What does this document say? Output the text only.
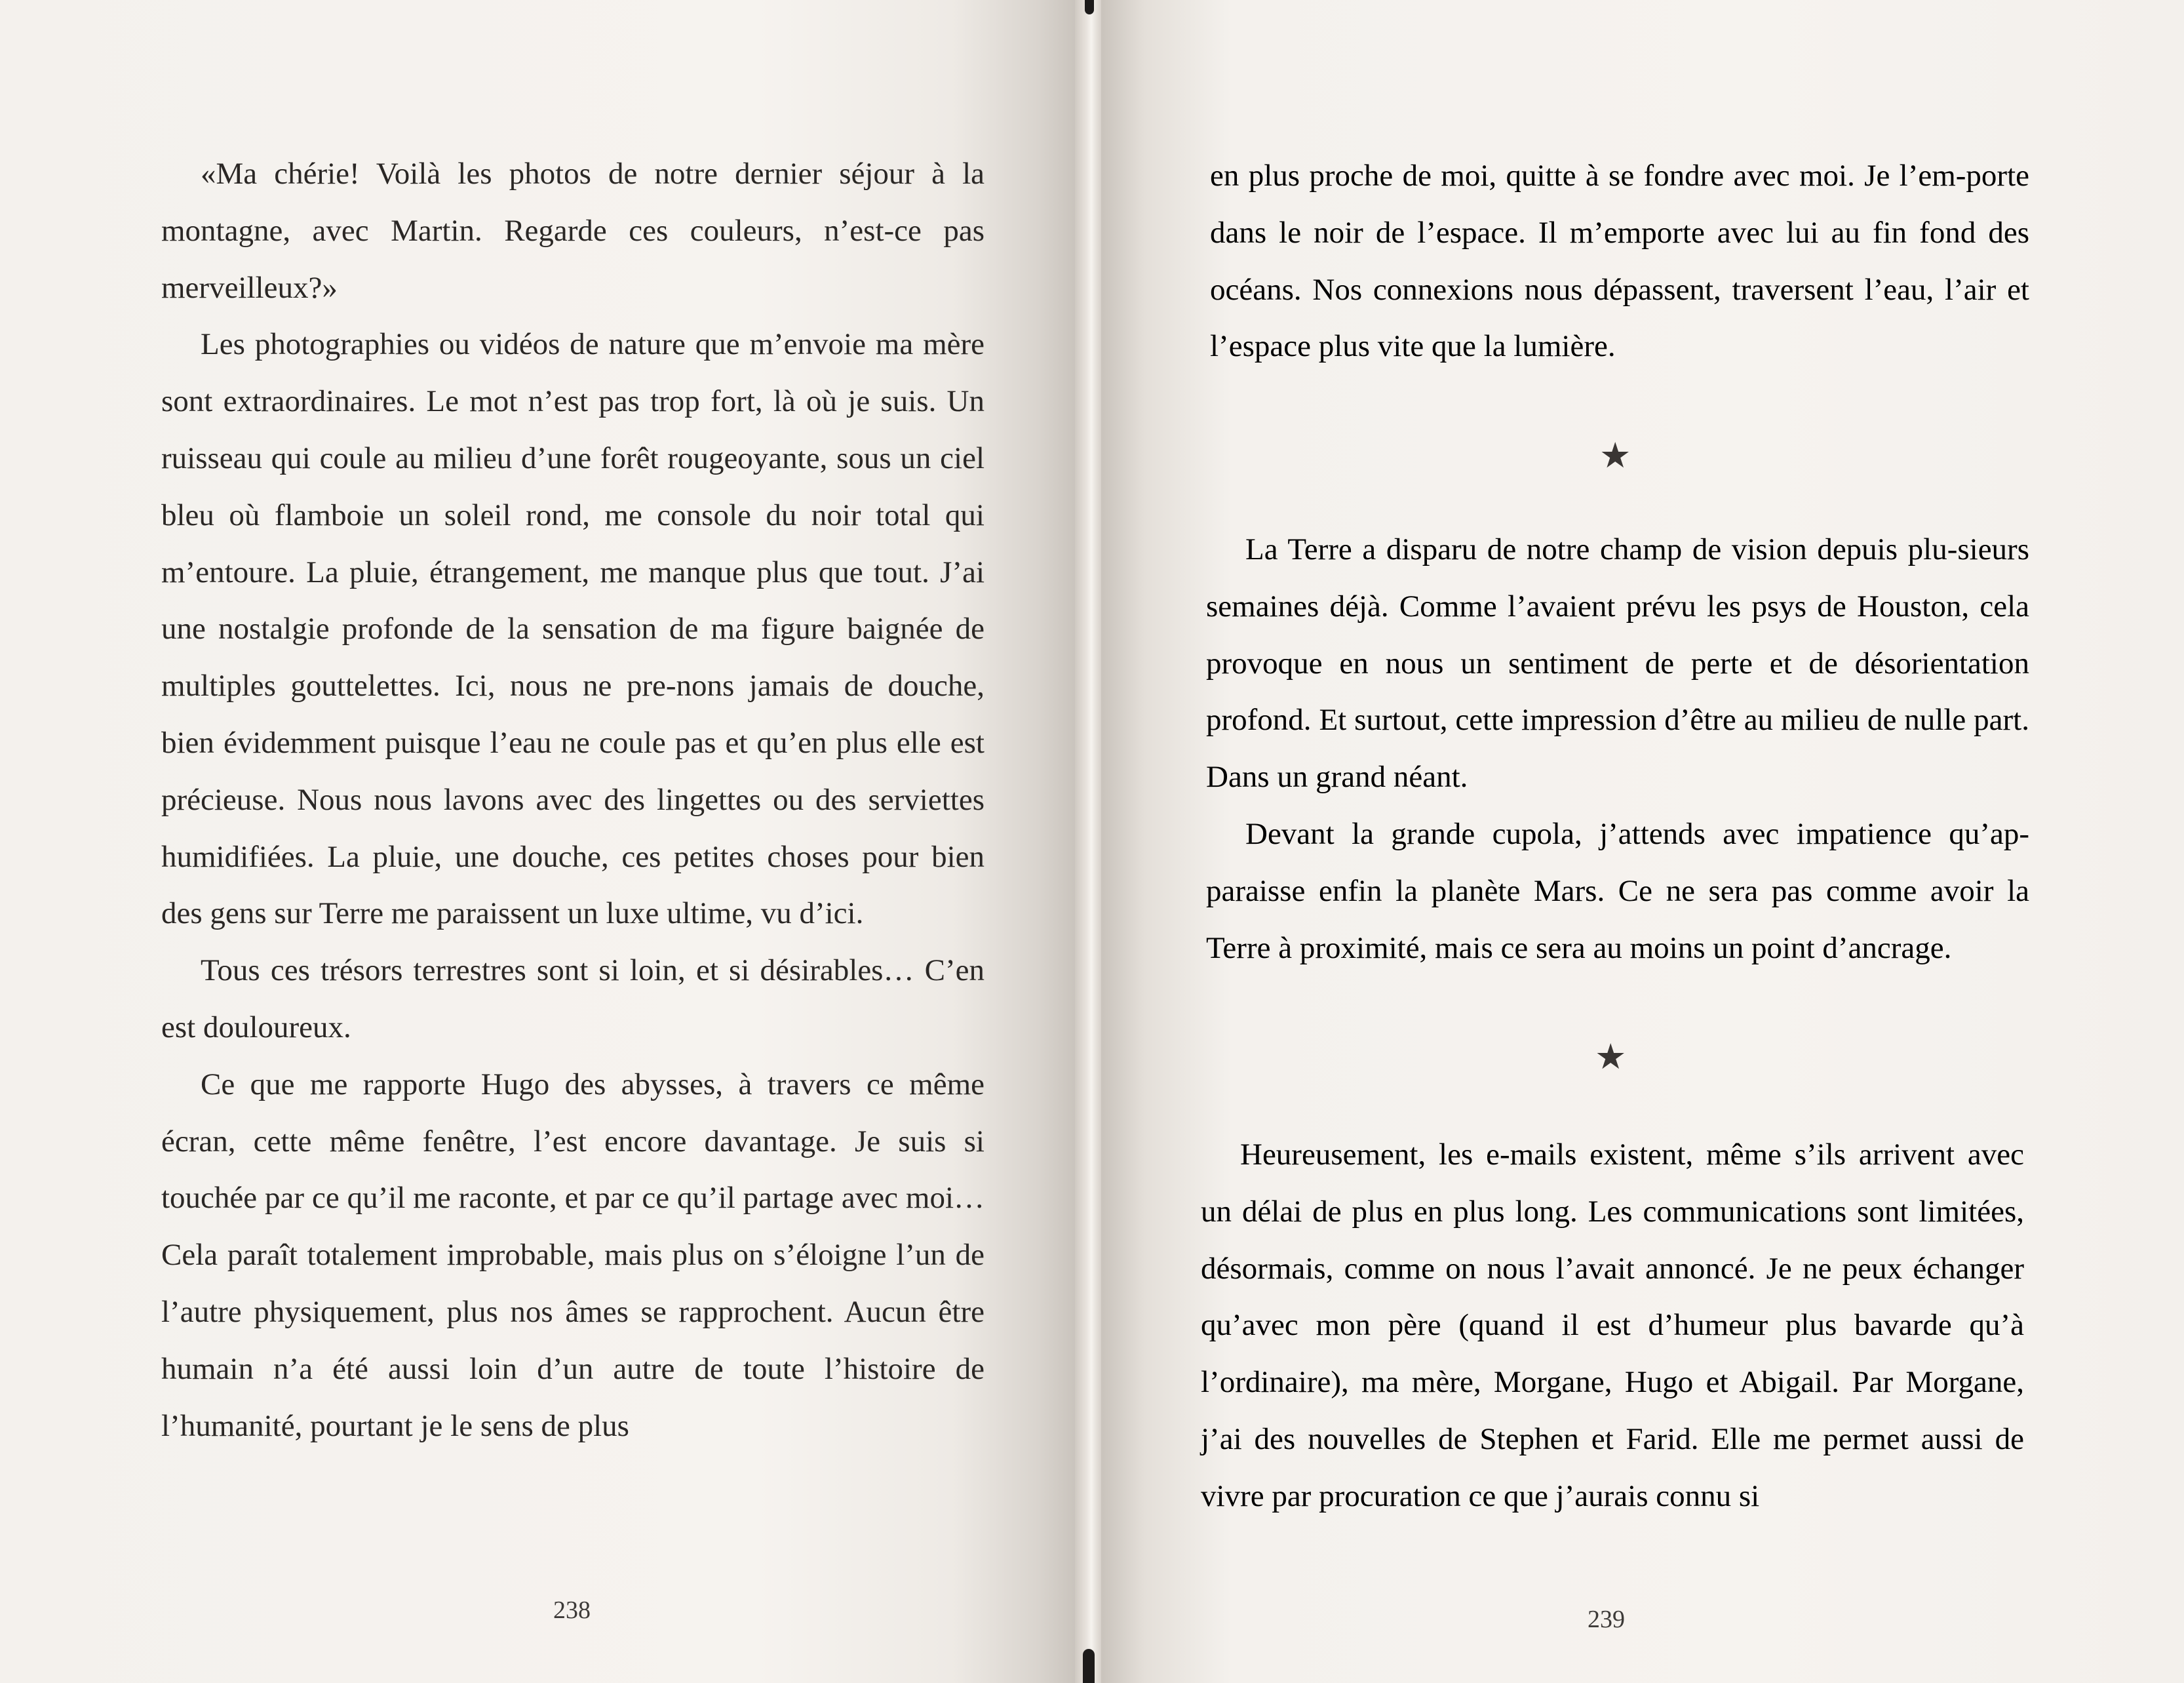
«Ma chérie! Voilà les photos de notre dernier séjour à la montagne, avec Martin. Regarde ces couleurs, n’est-ce pas merveilleux?»

Les photographies ou vidéos de nature que m’envoie ma mère sont extraordinaires. Le mot n’est pas trop fort, là où je suis. Un ruisseau qui coule au milieu d’une forêt rougeoyante, sous un ciel bleu où flamboie un soleil rond, me console du noir total qui m’entoure. La pluie, étrangement, me manque plus que tout. J’ai une nostalgie profonde de la sensation de ma figure baignée de multiples gouttelettes. Ici, nous ne pre-nons jamais de douche, bien évidemment puisque l’eau ne coule pas et qu’en plus elle est précieuse. Nous nous lavons avec des lingettes ou des serviettes humidifiées. La pluie, une douche, ces petites choses pour bien des gens sur Terre me paraissent un luxe ultime, vu d’ici.

Tous ces trésors terrestres sont si loin, et si désirables… C’en est douloureux.

Ce que me rapporte Hugo des abysses, à travers ce même écran, cette même fenêtre, l’est encore davantage. Je suis si touchée par ce qu’il me raconte, et par ce qu’il partage avec moi… Cela paraît totalement improbable, mais plus on s’éloigne l’un de l’autre physiquement, plus nos âmes se rapprochent. Aucun être humain n’a été aussi loin d’un autre de toute l’histoire de l’humanité, pourtant je le sens de plus

238

en plus proche de moi, quitte à se fondre avec moi. Je l’em-porte dans le noir de l’espace. Il m’emporte avec lui au fin fond des océans. Nos connexions nous dépassent, traversent l’eau, l’air et l’espace plus vite que la lumière.

★

La Terre a disparu de notre champ de vision depuis plu-sieurs semaines déjà. Comme l’avaient prévu les psys de Houston, cela provoque en nous un sentiment de perte et de désorientation profond. Et surtout, cette impression d’être au milieu de nulle part. Dans un grand néant.

Devant la grande cupola, j’attends avec impatience qu’ap-paraisse enfin la planète Mars. Ce ne sera pas comme avoir la Terre à proximité, mais ce sera au moins un point d’ancrage.

★

Heureusement, les e-mails existent, même s’ils arrivent avec un délai de plus en plus long. Les communications sont limitées, désormais, comme on nous l’avait annoncé. Je ne peux échanger qu’avec mon père (quand il est d’humeur plus bavarde qu’à l’ordinaire), ma mère, Morgane, Hugo et Abigail. Par Morgane, j’ai des nouvelles de Stephen et Farid. Elle me permet aussi de vivre par procuration ce que j’aurais connu si

239
